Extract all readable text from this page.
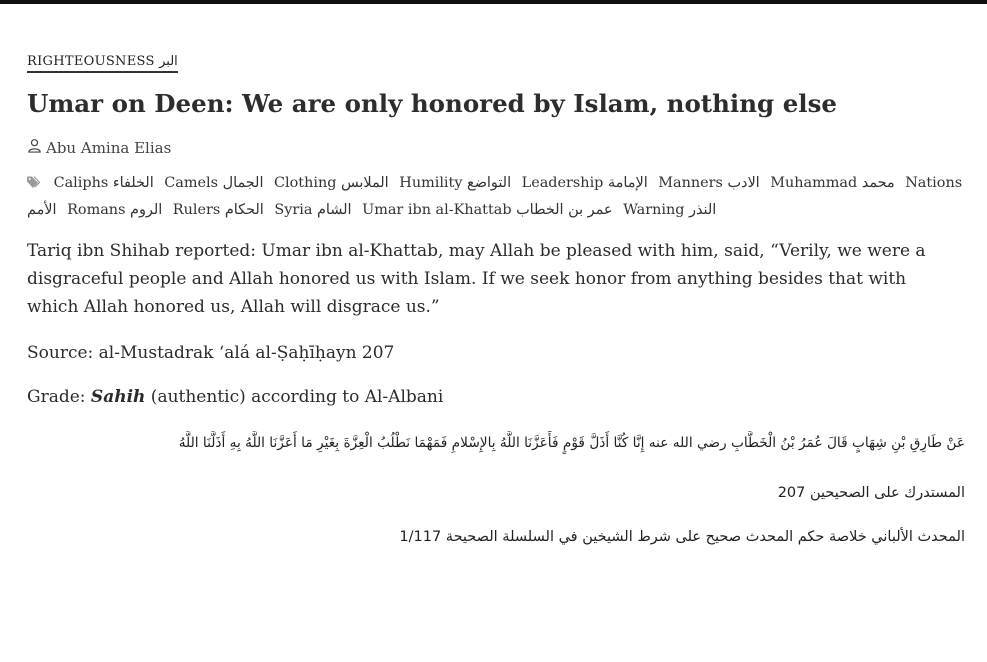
RIGHTEOUSNESS البر
Umar on Deen: We are only honored by Islam, nothing else
Abu Amina Elias
Caliphs الخلفاء Camels الجمال Clothing الملابس Humility التواضع Leadership الإمامة Manners الادب Muhammad محمد Nations الأمم Romans الروم Rulers الحكام Syria الشام Umar ibn al-Khattab عمر بن الخطاب Warning النذر

Tariq ibn Shihab reported: Umar ibn al-Khattab, may Allah be pleased with him, said, “Verily, we were a disgraceful people and Allah honored us with Islam. If we seek honor from anything besides that with which Allah honored us, Allah will disgrace us.”

Source: al-Mustadrak ‘alá al-Ṣaḥīḥayn 207
Grade: Sahih (authentic) according to Al-Albani
عَنْ طَارِقِ بْنِ شِهَابٍ قَالَ عُمَرُ بْنُ الْخَطَّابِ رضي الله عنه إِنَّا كُنَّا أَذَلَّ قَوْمٍ فَأَعَزَّنَا اللَّهُ بِالإِسْلامِ فَمَهْمَا نَطْلُبُ الْعِزَّةَ بِغَيْرِ مَا أَعَزَّنَا اللَّهُ بِهِ أَذَلَّنَا اللَّهُ
المستدرك على الصحيحين 207
المحدث الألباني خلاصة حكم المحدث صحيح على شرط الشيخين في السلسلة الصحيحة 1/117
